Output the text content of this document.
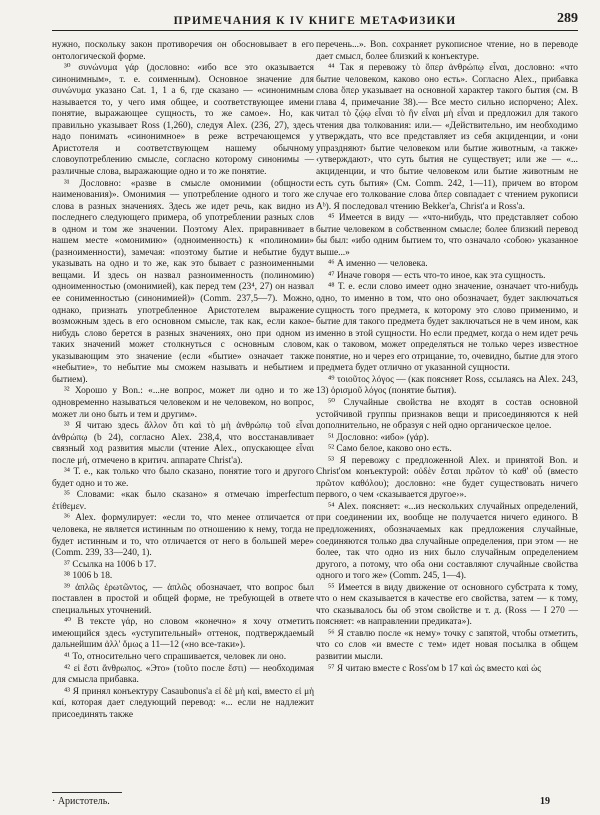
ПРИМЕЧАНИЯ К IV КНИГЕ МЕТАФИЗИКИ	289

нужно, поскольку закон противоречия он обосновывает в его онтологической форме.

³⁰ συνώνυμα γάρ (дословно: «ибо все это оказывается синонимным», т. е. соименным). Основное значение для συνώνυμα указано Cat. 1, 1 a 6, где сказано — «синонимным называется то, у чего имя общее, и соответствующее имени понятие, выражающее сущность, то же самое». Но, как правильно указывает Ross (1,260), следуя Alex. (236, 27), здесь надо понимать «синонимное» в реже встречающемся у Аристотеля и соответствующем нашему обычному словоупотреблению смысле, согласно которому синонимы — различные слова, выражающие одно и то же понятие.

³¹ Дословно: «разве в смысле омонимии (общности наименования)». Омонимия — употребление одного и того же слова в разных значениях. Здесь же идет речь, как видно из последнего следующего примера, об употреблении разных слов в одном и том же значении. Поэтому Alex. приравнивает в нашем месте «омонимию» (одноименность) к «полиномии» (разноименности), замечая: «поэтому бытие и небытие будут указывать на одно и то же, как это бывает с разноименными вещами. И здесь он назвал разноименность (полиномию) одноименностью (омонимией), как перед тем (23⁴, 27) он назвал ее сонименностью (синонимией)» (Comm. 237,5—7). Можно, однако, признать употребленное Аристотелем выражение возможным здесь в его основном смысле, так как, если какое-нибудь слово берется в разных значениях, оно при одном из таких значений может столкнуться с основным словом, указывающим это значение (если «бытие» означает также «небытие», то небытие мы сможем называть и небытием и бытием).

³² Хорошо у Bon.: «...не вопрос, может ли одно и то же одновременно называться человеком и не человеком, но вопрос, может ли оно быть и тем и другим».

³³ Я читаю здесь ἄλλον ὅτι καὶ τὸ μὴ ἀνθρώπῳ τοῦ εἶναι ἀνθρώπῳ (b 24), согласно Alex. 238,4, что восстанавливает связный ход развития мысли (чтение Alex., опускающее εἶναι после μή, отмечено в критич. аппарате Christ'a).

³⁴ Т. е., как только что было сказано, понятие того и другого будет одно и то же.

³⁵ Словами: «как было сказано» я отмечаю imperfectum ἐτίθεμεν.

³⁶ Alex. формулирует: «если то, что менее отличается от человека, не является истинным по отношению к нему, тогда не будет истинным и то, что отличается от него в большей мере» (Comm. 239, 33—240, 1).

³⁷ Ссылка на 1006 b 17.

³⁸ 1006 b 18.

³⁹ ἀπλῶς ἐρωτῶντος, — ἀπλῶς обозначает, что вопрос был поставлен в простой и общей форме, не требующей в ответе специальных уточнений.

⁴⁰ В тексте γάρ, но словом «конечно» я хочу отметить имеющийся здесь «уступительный» оттенок, подтверждаемый дальнейшим ἀλλ' ὅμως a 11—12 («но все-таки»).

⁴¹ То, относительно чего спрашивается, человек ли оно.

⁴² εἰ ἔστι ἄνθρωπος. «Это» (τοῦτο после ἔστι) — необходимая для смысла прибавка.

⁴³ Я принял конъектуру Casaubonus'a εἰ δὲ μὴ καὶ, вместо εἰ μὴ καί, которая дает следующий перевод: «... если не надлежит присоединять также

перечень...». Bon. сохраняет рукописное чтение, но в переводе дает смысл, более близкий к конъектуре.

⁴⁴ Так я перевожу τὸ ὅπερ ἀνθρώπῳ εἶναι, дословно: «что бытие человеком, каково оно есть». Согласно Alex., прибавка слова ὅπερ указывает на основной характер такого бытия (см. В глава 4, примечание 38).— Все место сильно испорчено; Alex. читал τὸ ζῴῳ εἶναι τὸ ἢν εἶναι μὴ εἶναι и предложил для такого чтения два толкования: или.— «Действительно, им необходимо утверждать, что все представляет из себя акциденции, и ‹они упраздняют› бытие человеком или бытие животным, ‹а также› ‹утверждают›, что суть бытия не существует; или же — «... акциденции, и что бытие человеком или бытие животным не есть суть бытия» (См. Comm. 242, 1—11), причем во втором случае его толкование слова ὅπερ совпадает с чтением рукописи A͏ᵇ). Я последовал чтению Bekker'a, Christ'a и Ross'a.

⁴⁵ Имеется в виду — «что-нибудь, что представляет собою бытие человеком в собственном смысле; более близкий перевод бы был: «ибо одним бытием то, что означало ‹собою› указанное выше...»

⁴⁶ А именно — человека.

⁴⁷ Иначе говоря — есть что-то иное, как эта сущность.

⁴⁸ Т. е. если слово имеет одно значение, означает что-нибудь одно, то именно в том, что оно обозначает, будет заключаться сущность того предмета, к которому это слово применимо, и бытие для такого предмета будет заключаться не в чем ином, как именно в этой сущности. Но если предмет, когда о нем идет речь как о таковом, может определяться не только через известное понятие, но и через его отрицание, то, очевидно, бытие для этого предмета будет отлично от указанной сущности.

⁴⁹ τοιοῦτος λόγος — (как поясняет Ross, ссылаясь на Alex. 243, 13) ὁρισμοῦ λόγος (понятие бытия).

⁵⁰ Случайные свойства не входят в состав основной устойчивой группы признаков вещи и присоединяются к ней дополнительно, не образуя с ней одно органическое целое.

⁵¹ Дословно: «ибо» (γάρ).

⁵² Само белое, каково оно есть.

⁵³ Я перевожу с предложенной Alex. и принятой Bon. и Christ'ом конъектурой: οὐδὲν ἔσται πρῶτον τὸ καθ' οὗ (вместо πρῶτον καθόλου); дословно: «не будет существовать ничего первого, о чем ‹сказывается другое›».

⁵⁴ Alex. поясняет: «...из нескольких случайных определений, при соединении их, вообще не получается ничего единого. В предложениях, обозначаемых как предложения случайные, соединяются только два случайные определения, при этом — не более, так что одно из них было случайным определением другого, а потому, что оба они составляют случайные свойства одного и того же» (Comm. 245, 1—4).

⁵⁵ Имеется в виду движение от основного субстрата к тому, что о нем сказывается в качестве его свойства, затем — к тому, что сказывалось бы об этом свойстве и т. д. (Ross — I 270 — поясняет: «в направлении предиката»).

⁵⁶ Я ставлю после «к нему» точку с запятой, чтобы отметить, что со слов «и вместе с тем» идет новая посылка в общем развитии мысли.

⁵⁷ Я читаю вместе с Ross'ом b 17 καὶ ὡς вместо καὶ ὡς

· Аристотель.	19
